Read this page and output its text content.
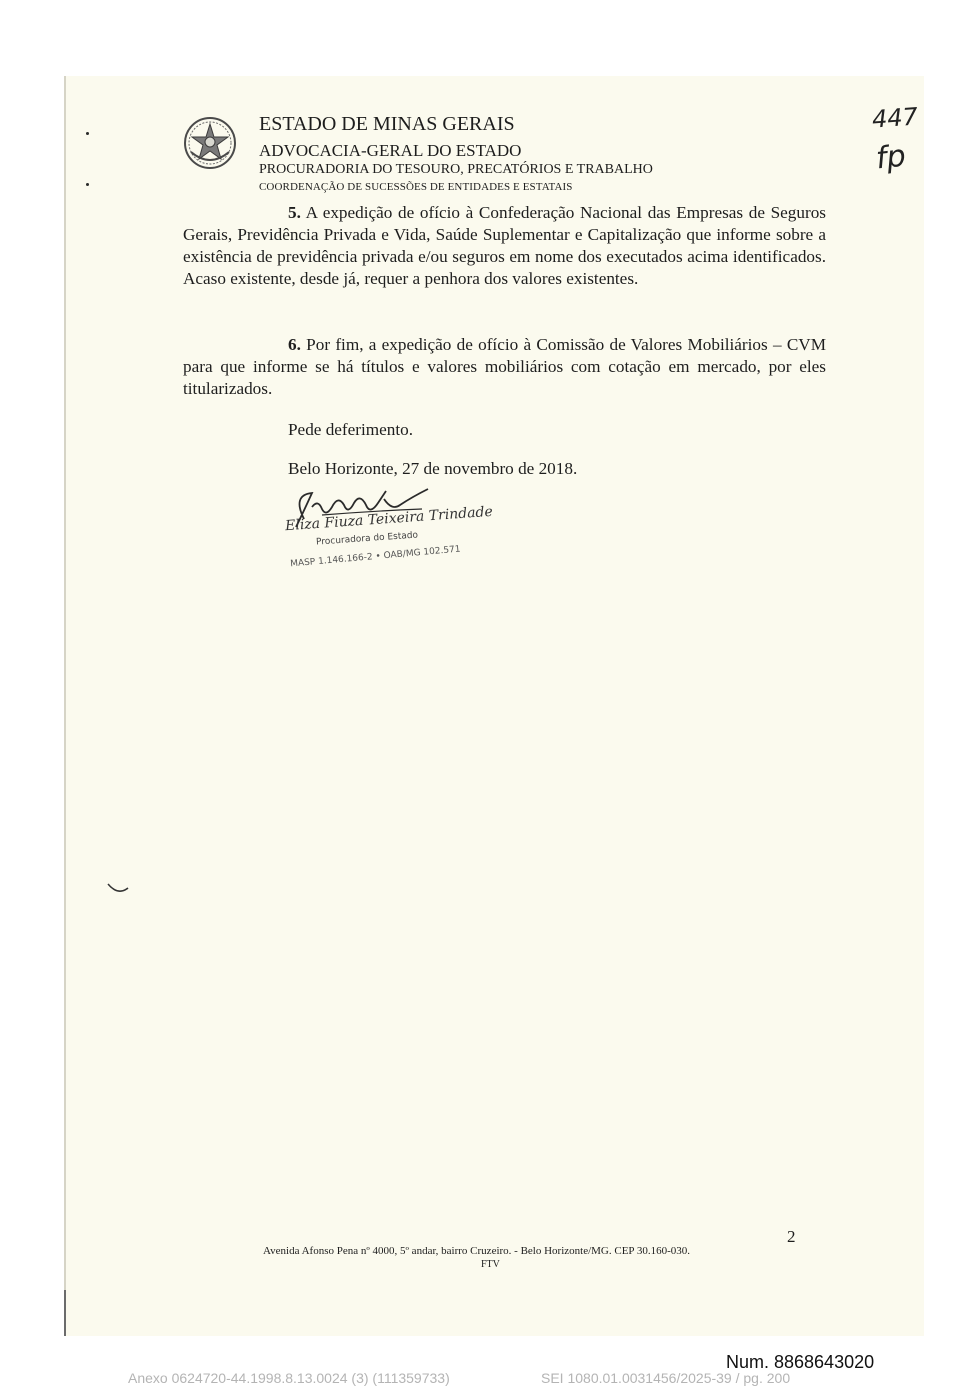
ESTADO DE MINAS GERAIS
ADVOCACIA-GERAL DO ESTADO
PROCURADORIA DO TESOURO, PRECATÓRIOS E TRABALHO
COORDENAÇÃO DE SUCESSÕES DE ENTIDADES E ESTATAIS
447
fp
5. A expedição de ofício à Confederação Nacional das Empresas de Seguros Gerais, Previdência Privada e Vida, Saúde Suplementar e Capitalização que informe sobre a existência de previdência privada e/ou seguros em nome dos executados acima identificados. Acaso existente, desde já, requer a penhora dos valores existentes.
6. Por fim, a expedição de ofício à Comissão de Valores Mobiliários – CVM para que informe se há títulos e valores mobiliários com cotação em mercado, por eles titularizados.
Pede deferimento.
Belo Horizonte, 27 de novembro de 2018.
Eliza Fiuza Teixeira Trindade
Procuradora do Estado
MASP 1.146.166-2 • OAB/MG 102.571
2
Avenida Afonso Pena nº 4000, 5º andar, bairro Cruzeiro. - Belo Horizonte/MG. CEP 30.160-030.
FTV
Num. 8868643020
Anexo 0624720-44.1998.8.13.0024 (3) (111359733)	SEI 1080.01.0031456/2025-39 / pg. 200
